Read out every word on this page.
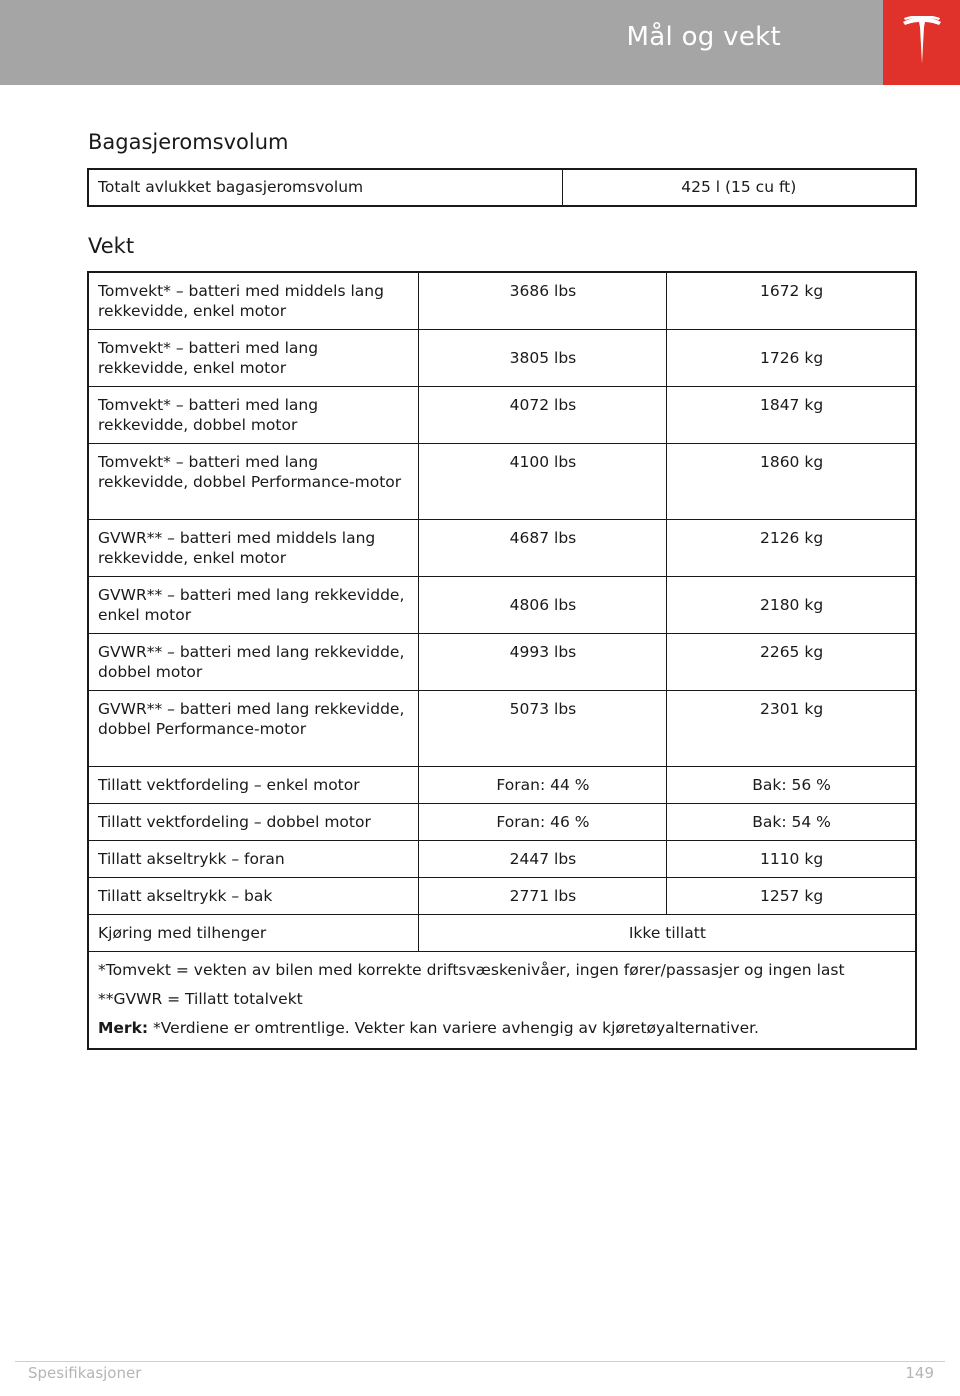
Mål og vekt
Bagasjeromsvolum
Totalt avlukket bagasjeromsvolum	425 l (15 cu ft)
Vekt
Tomvekt* – batteri med middels lang rekkevidde, enkel motor	3686 lbs	1672 kg
Tomvekt* – batteri med lang rekkevidde, enkel motor	3805 lbs	1726 kg
Tomvekt* – batteri med lang rekkevidde, dobbel motor	4072 lbs	1847 kg
Tomvekt* – batteri med lang rekkevidde, dobbel Performance-motor	4100 lbs	1860 kg
GVWR** – batteri med middels lang rekkevidde, enkel motor	4687 lbs	2126 kg
GVWR** – batteri med lang rekkevidde, enkel motor	4806 lbs	2180 kg
GVWR** – batteri med lang rekkevidde, dobbel motor	4993 lbs	2265 kg
GVWR** – batteri med lang rekkevidde, dobbel Performance-motor	5073 lbs	2301 kg
Tillatt vektfordeling – enkel motor	Foran: 44 %	Bak: 56 %
Tillatt vektfordeling – dobbel motor	Foran: 46 %	Bak: 54 %
Tillatt akseltrykk – foran	2447 lbs	1110 kg
Tillatt akseltrykk – bak	2771 lbs	1257 kg
Kjøring med tilhenger	Ikke tillatt	

*Tomvekt = vekten av bilen med korrekte driftsvæskenivåer, ingen fører/passasjer og ingen last
**GVWR = Tillatt totalvekt
Merk: *Verdiene er omtrentlige. Vekter kan variere avhengig av kjøretøyalternativer.		
Spesifikasjoner	149
